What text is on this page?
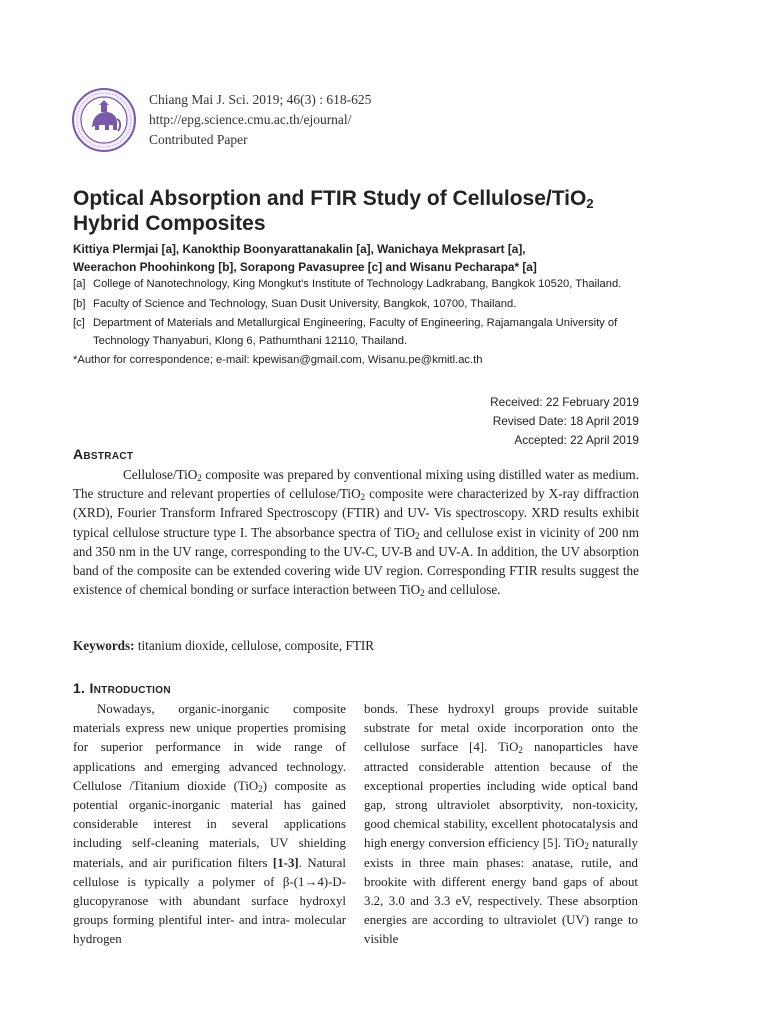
Chiang Mai J. Sci. 2019; 46(3) : 618-625
http://epg.science.cmu.ac.th/ejournal/
Contributed Paper
Optical Absorption and FTIR Study of Cellulose/TiO$_2$
Hybrid Composites
Kittiya Plermjai [a], Kanokthip Boonyarattanakalin [a], Wanichaya Mekprasart [a],
Weerachon Phoohinkong [b], Sorapong Pavasupree [c] and Wisanu Pecharapa* [a]
[a] College of Nanotechnology, King Mongkut's Institute of Technology Ladkrabang, Bangkok 10520, Thailand.
[b] Faculty of Science and Technology, Suan Dusit University, Bangkok, 10700, Thailand.
[c] Department of Materials and Metallurgical Engineering, Faculty of Engineering, Rajamangala University of Technology Thanyaburi, Klong 6, Pathumthani 12110, Thailand.
*Author for correspondence; e-mail: kpewisan@gmail.com, Wisanu.pe@kmitl.ac.th
Received: 22 February 2019
Revised Date: 18 April 2019
Accepted: 22 April 2019
Abstract

Cellulose/TiO$_2$ composite was prepared by conventional mixing using distilled water as medium. The structure and relevant properties of cellulose/TiO$_2$ composite were characterized by X-ray diffraction (XRD), Fourier Transform Infrared Spectroscopy (FTIR) and UV- Vis spectroscopy. XRD results exhibit typical cellulose structure type I. The absorbance spectra of TiO$_2$ and cellulose exist in vicinity of 200 nm and 350 nm in the UV range, corresponding to the UV-C, UV-B and UV-A. In addition, the UV absorption band of the composite can be extended covering wide UV region. Corresponding FTIR results suggest the existence of chemical bonding or surface interaction between TiO$_2$ and cellulose.

Keywords: titanium dioxide, cellulose, composite, FTIR
1. Introduction

Nowadays, organic-inorganic composite materials express new unique properties promising for superior performance in wide range of applications and emerging advanced technology. Cellulose /Titanium dioxide (TiO$_2$) composite as potential organic-inorganic material has gained considerable interest in several applications including self-cleaning materials, UV shielding materials, and air purification filters [1-3]. Natural cellulose is typically a polymer of β-(1→4)-D-glucopyranose with abundant surface hydroxyl groups forming plentiful inter- and intra- molecular hydrogen

bonds. These hydroxyl groups provide suitable substrate for metal oxide incorporation onto the cellulose surface [4]. TiO$_2$ nanoparticles have attracted considerable attention because of the exceptional properties including wide optical band gap, strong ultraviolet absorptivity, non-toxicity, good chemical stability, excellent photocatalysis and high energy conversion efficiency [5]. TiO$_2$ naturally exists in three main phases: anatase, rutile, and brookite with different energy band gaps of about 3.2, 3.0 and 3.3 eV, respectively. These absorption energies are according to ultraviolet (UV) range to visible
